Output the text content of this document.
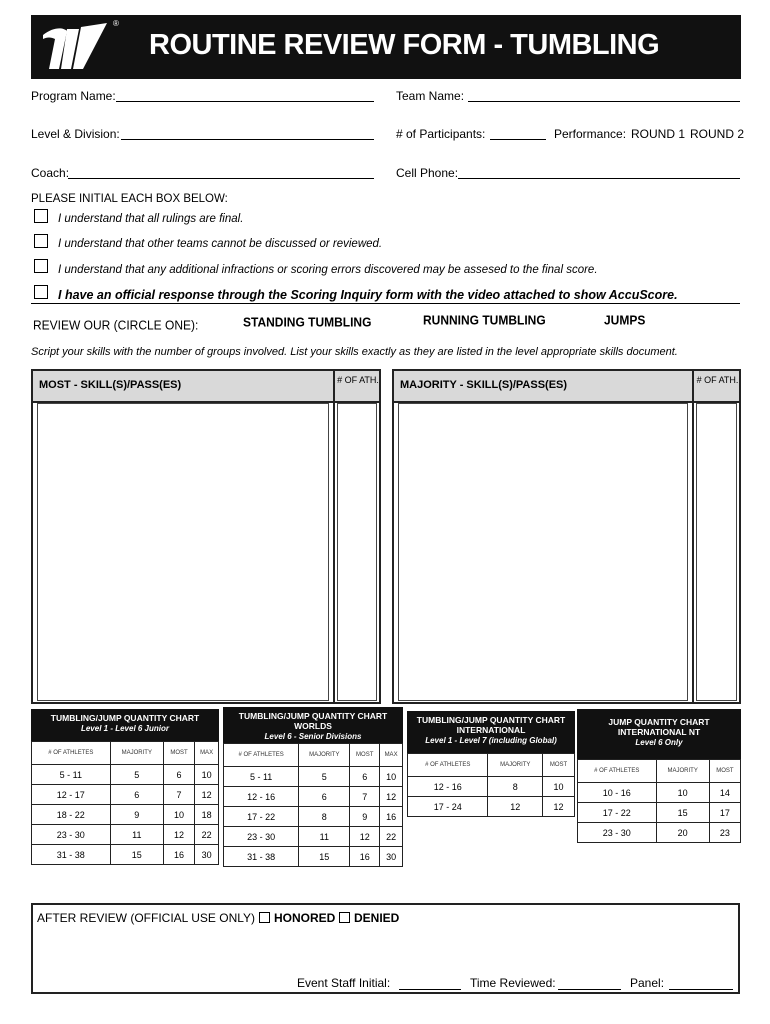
®
ROUTINE REVIEW FORM - TUMBLING
Program Name:	Team Name:
Level & Division:	# of Participants:	Performance: ROUND 1 ROUND 2
Coach:	Cell Phone:
PLEASE INITIAL EACH BOX BELOW:
I understand that all rulings are final.
I understand that other teams cannot be discussed or reviewed.
I understand that any additional infractions or scoring errors discovered may be assesed to the final score.
I have an official response through the Scoring Inquiry form with the video attached to show AccuScore.
REVIEW OUR (CIRCLE ONE):	STANDING TUMBLING	RUNNING TUMBLING	JUMPS
Script your skills with the number of groups involved. List your skills exactly as they are listed in the level appropriate skills document.
MOST - SKILL(S)/PASS(ES)	# OF ATH. MAJORITY - SKILL(S)/PASS(ES)	# OF ATH.
TUMBLING/JUMP QUANTITY CHART
Level 1 - Level 6 Junior
# OF ATHLETES	MAJORITY	MOST	MAX
5 - 11	5	6	10
12 - 17	6	7	12
18 - 22	9	10	18
23 - 30	11	12	22
31 - 38	15	16	30
TUMBLING/JUMP QUANTITY CHART
WORLDS
Level 6 - Senior Divisions
# OF ATHLETES	MAJORITY	MOST	MAX
5 - 11	5	6	10
12 - 16	6	7	12
17 - 22	8	9	16
23 - 30	11	12	22
31 - 38	15	16	30
TUMBLING/JUMP QUANTITY CHART
INTERNATIONAL
Level 1 - Level 7 (including Global)
# OF ATHLETES	MAJORITY	MOST
12 - 16	8	10
17 - 24	12	12
JUMP QUANTITY CHART
INTERNATIONAL NT
Level 6 Only
# OF ATHLETES	MAJORITY	MOST
10 - 16	10	14
17 - 22	15	17
23 - 30	20	23
AFTER REVIEW (OFFICIAL USE ONLY)	HONORED	DENIED
Event Staff Initial:	Time Reviewed:	Panel:
